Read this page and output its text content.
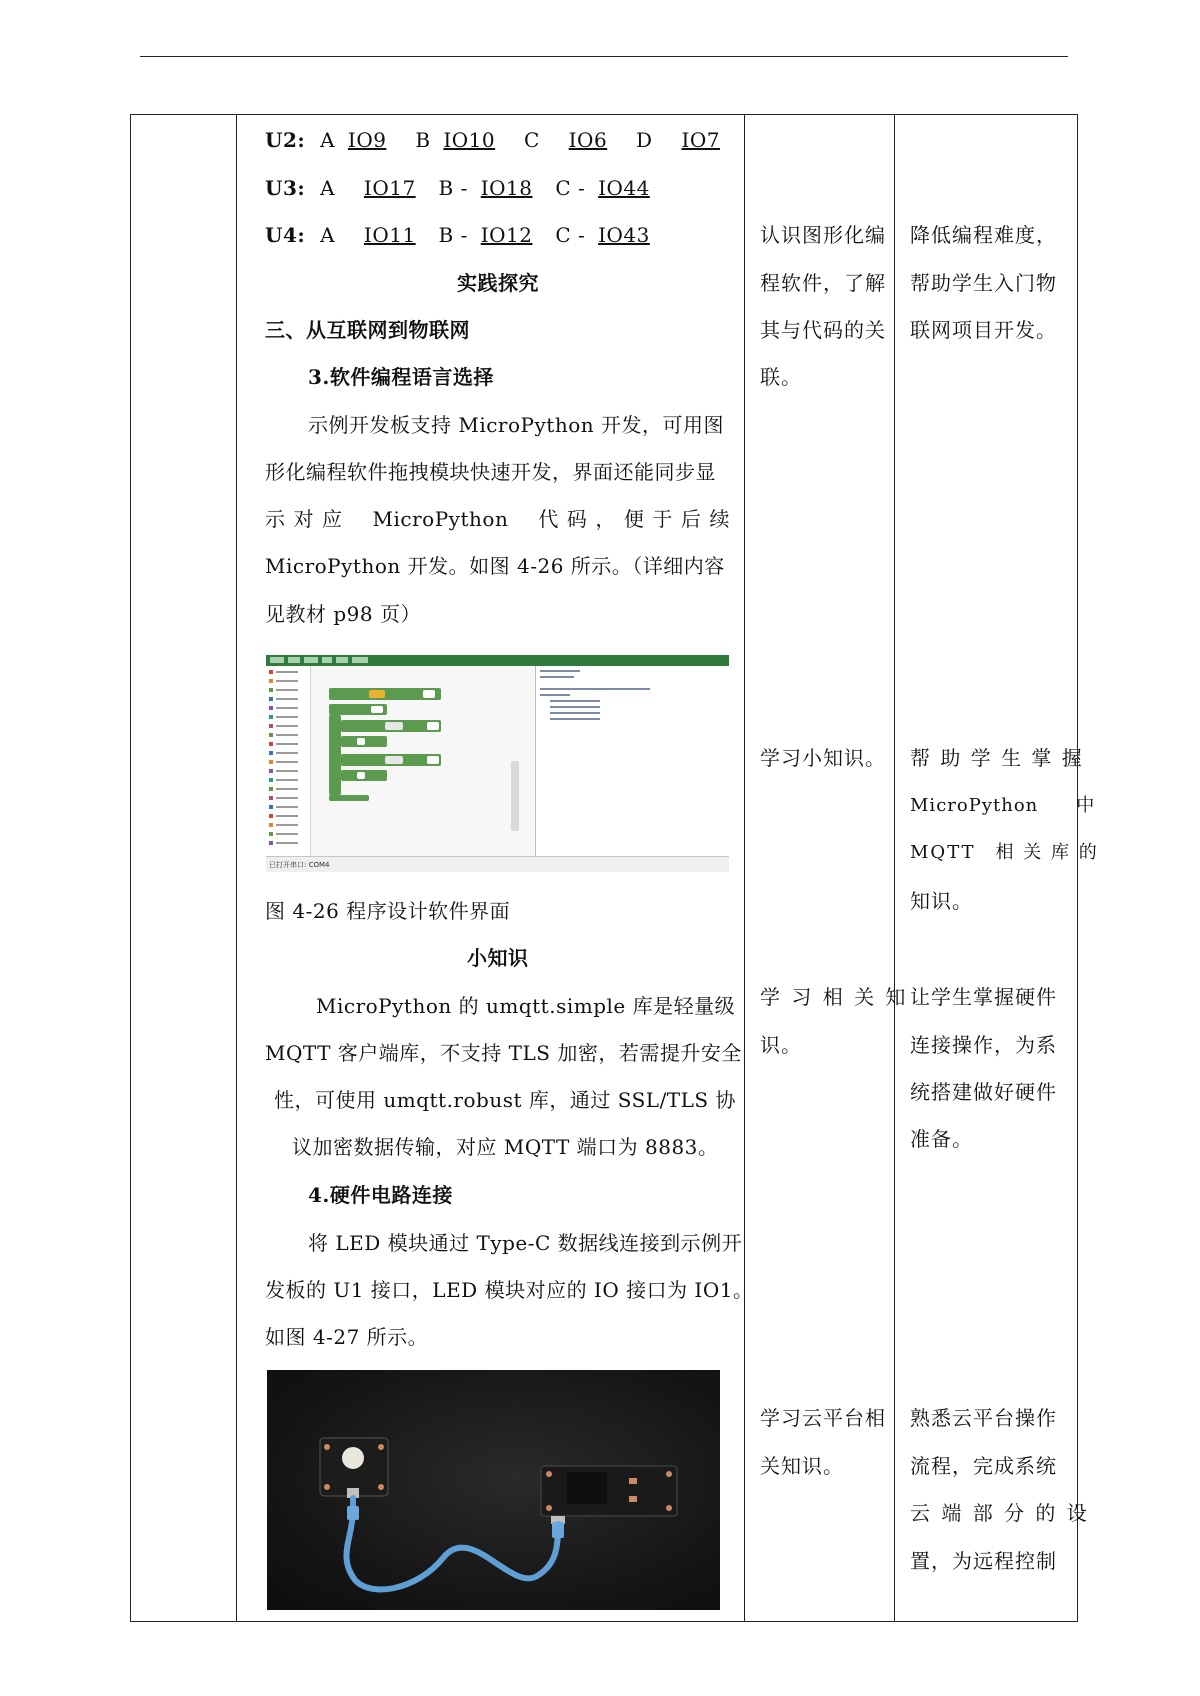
U2: A IO9 B IO10 C IO6 D IO7
U3: A IO17 B - IO18 C - IO44
U4: A IO11 B - IO12 C - IO43
实践探究
三、从互联网到物联网
3.软件编程语言选择
示例开发板支持 MicroPython 开发，可用图
形化编程软件拖拽模块快速开发，界面还能同步显
示 对 应 MicroPython 代 码 ， 便 于 后 续
MicroPython 开发。如图 4-26 所示。（详细内容
见教材 p98 页）
图 4-26 程序设计软件界面
小知识
MicroPython 的 umqtt.simple 库是轻量级
MQTT 客户端库，不支持 TLS 加密，若需提升安全
性，可使用 umqtt.robust 库，通过 SSL/TLS 协
议加密数据传输，对应 MQTT 端口为 8883。
4.硬件电路连接
将 LED 模块通过 Type-C 数据线连接到示例开
发板的 U1 接口，LED 模块对应的 IO 接口为 IO1。
如图 4-27 所示。
已打开串口: COM4
认识图形化编
程软件，了解
其与代码的关
联。
学习小知识。
学 习 相 关 知
识。
学习云平台相
关知识。
降低编程难度，
帮助学生入门物
联网项目开发。
帮 助 学 生 掌 握
MicroPython　　中
MQTT　相 关 库 的
知识。
让学生掌握硬件
连接操作，为系
统搭建做好硬件
准备。
熟悉云平台操作
流程，完成系统
云 端 部 分 的 设
置，为远程控制
